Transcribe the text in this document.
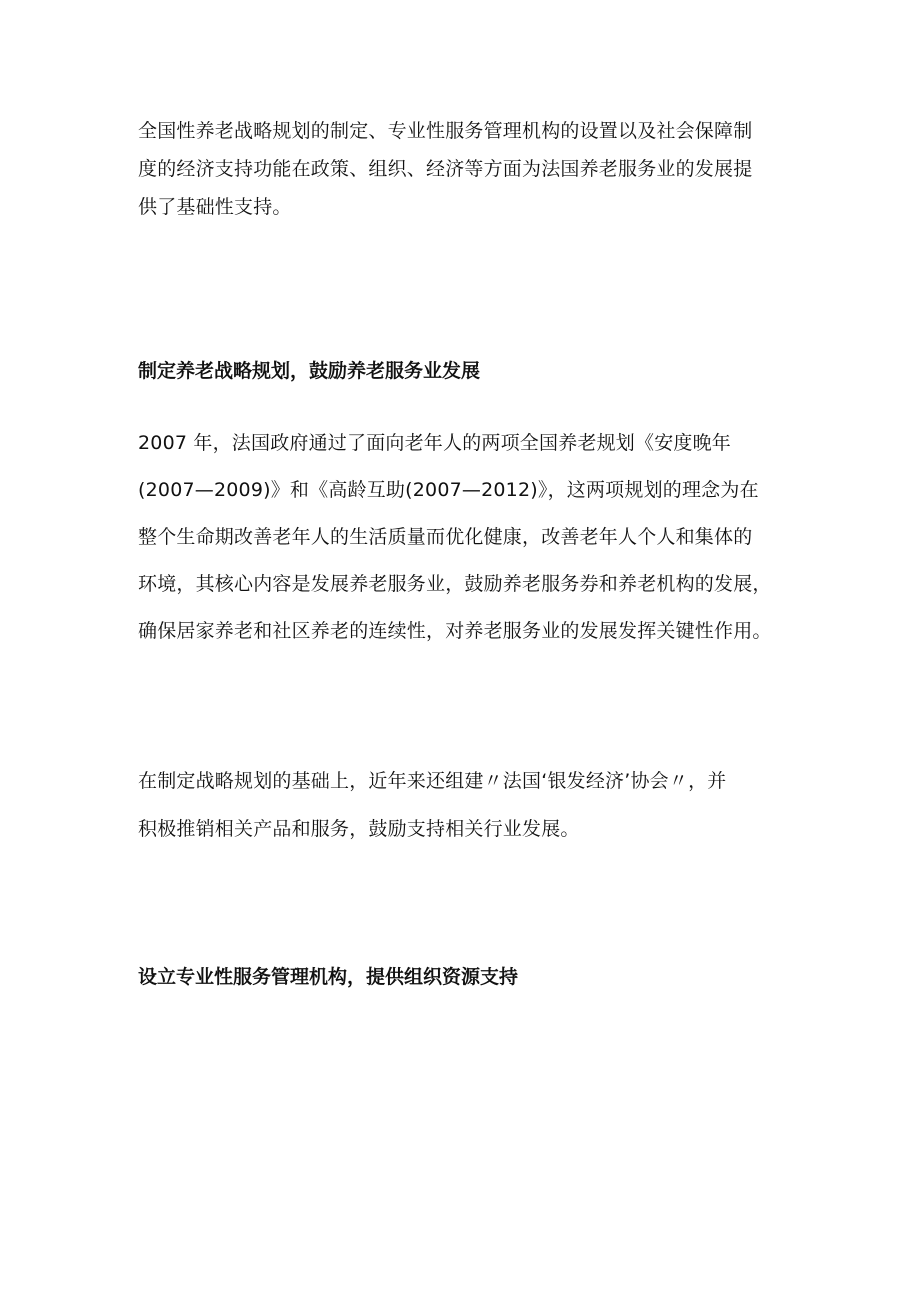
全国性养老战略规划的制定、专业性服务管理机构的设置以及社会保障制
度的经济支持功能在政策、组织、经济等方面为法国养老服务业的发展提
供了基础性支持。
制定养老战略规划，鼓励养老服务业发展
2007 年，法国政府通过了面向老年人的两项全国养老规划《安度晚年
(2007—2009)》和《高龄互助(2007—2012)》，这两项规划的理念为在
整个生命期改善老年人的生活质量而优化健康，改善老年人个人和集体的
环境，其核心内容是发展养老服务业，鼓励养老服务券和养老机构的发展，
确保居家养老和社区养老的连续性，对养老服务业的发展发挥关键性作用。
在制定战略规划的基础上，近年来还组建〃法国‘银发经济’协会〃，并
积极推销相关产品和服务，鼓励支持相关行业发展。
设立专业性服务管理机构，提供组织资源支持
